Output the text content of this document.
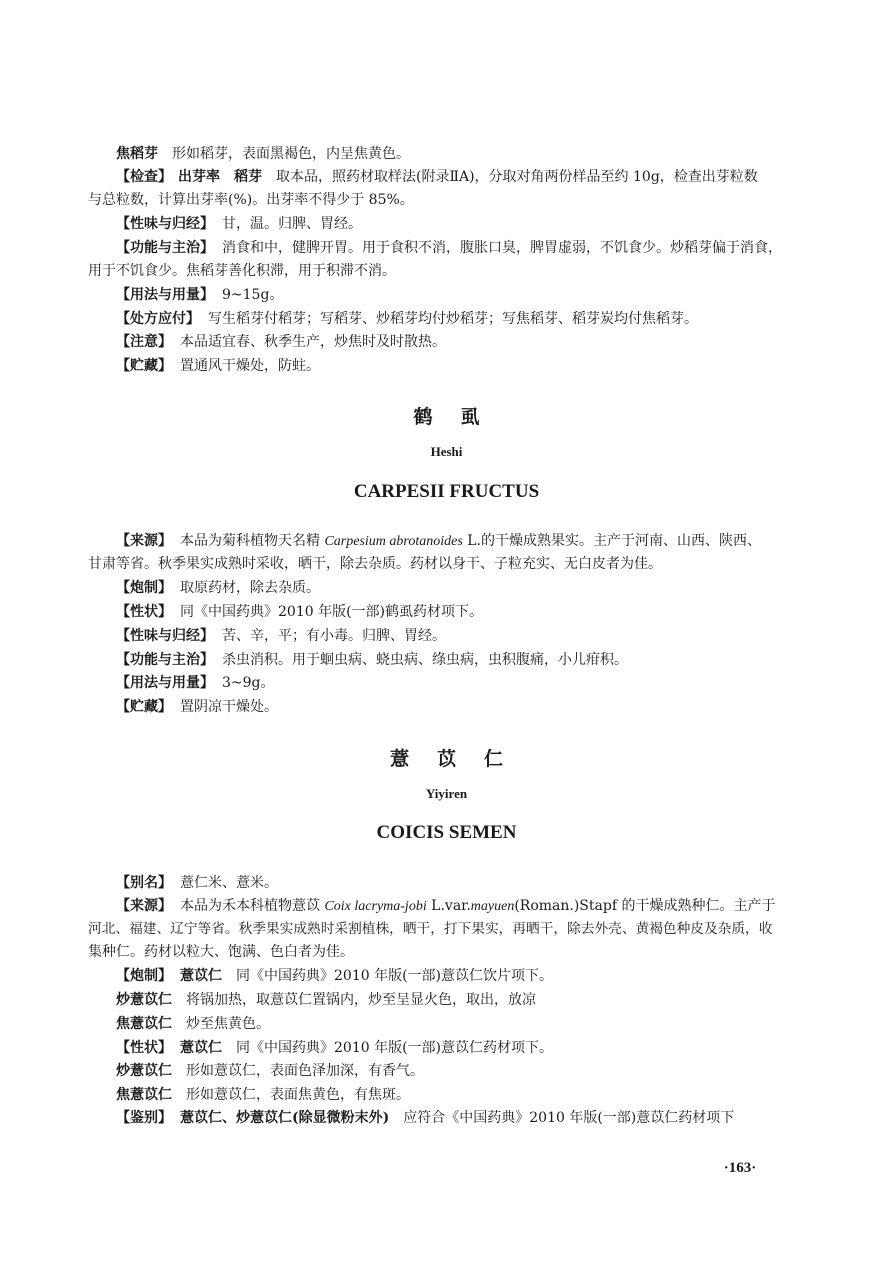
焦稻芽 形如稻芽，表面黑褐色，内呈焦黄色。
【检查】 出芽率　稻芽 取本品，照药材取样法(附录ⅡA)，分取对角两份样品至约 10g，检查出芽粒数
与总粒数，计算出芽率(%)。出芽率不得少于 85%。
【性味与归经】 甘，温。归脾、胃经。
【功能与主治】 消食和中，健脾开胃。用于食积不消，腹胀口臭，脾胃虚弱，不饥食少。炒稻芽偏于消食，
用于不饥食少。焦稻芽善化积滞，用于积滞不消。
【用法与用量】 9~15g。
【处方应付】 写生稻芽付稻芽；写稻芽、炒稻芽均付炒稻芽；写焦稻芽、稻芽炭均付焦稻芽。
【注意】 本品适宜春、秋季生产，炒焦时及时散热。
【贮藏】 置通风干燥处，防蛀。
鹤虱
Heshi
CARPESII FRUCTUS
【来源】 本品为菊科植物天名精 Carpesium abrotanoides L.的干燥成熟果实。主产于河南、山西、陕西、
甘肃等省。秋季果实成熟时采收，晒干，除去杂质。药材以身干、子粒充实、无白皮者为佳。
【炮制】 取原药材，除去杂质。
【性状】 同《中国药典》2010 年版(一部)鹤虱药材项下。
【性味与归经】 苦、辛，平；有小毒。归脾、胃经。
【功能与主治】 杀虫消积。用于蛔虫病、蛲虫病、绦虫病，虫积腹痛，小儿疳积。
【用法与用量】 3~9g。
【贮藏】 置阴凉干燥处。
薏苡仁
Yiyiren
COICIS SEMEN
【别名】 薏仁米、薏米。
【来源】 本品为禾本科植物薏苡 Coix lacryma-jobi L.var.mayuen(Roman.)Stapf 的干燥成熟种仁。主产于
河北、福建、辽宁等省。秋季果实成熟时采割植株，晒干，打下果实，再晒干，除去外壳、黄褐色种皮及杂质，收
集种仁。药材以粒大、饱满、色白者为佳。
【炮制】 薏苡仁 同《中国药典》2010 年版(一部)薏苡仁饮片项下。
炒薏苡仁 将锅加热，取薏苡仁置锅内，炒至呈显火色，取出，放凉
焦薏苡仁 炒至焦黄色。
【性状】 薏苡仁 同《中国药典》2010 年版(一部)薏苡仁药材项下。
炒薏苡仁 形如薏苡仁，表面色泽加深，有香气。
焦薏苡仁 形如薏苡仁，表面焦黄色，有焦斑。
【鉴别】 薏苡仁、炒薏苡仁(除显微粉末外) 应符合《中国药典》2010 年版(一部)薏苡仁药材项下
·163·
